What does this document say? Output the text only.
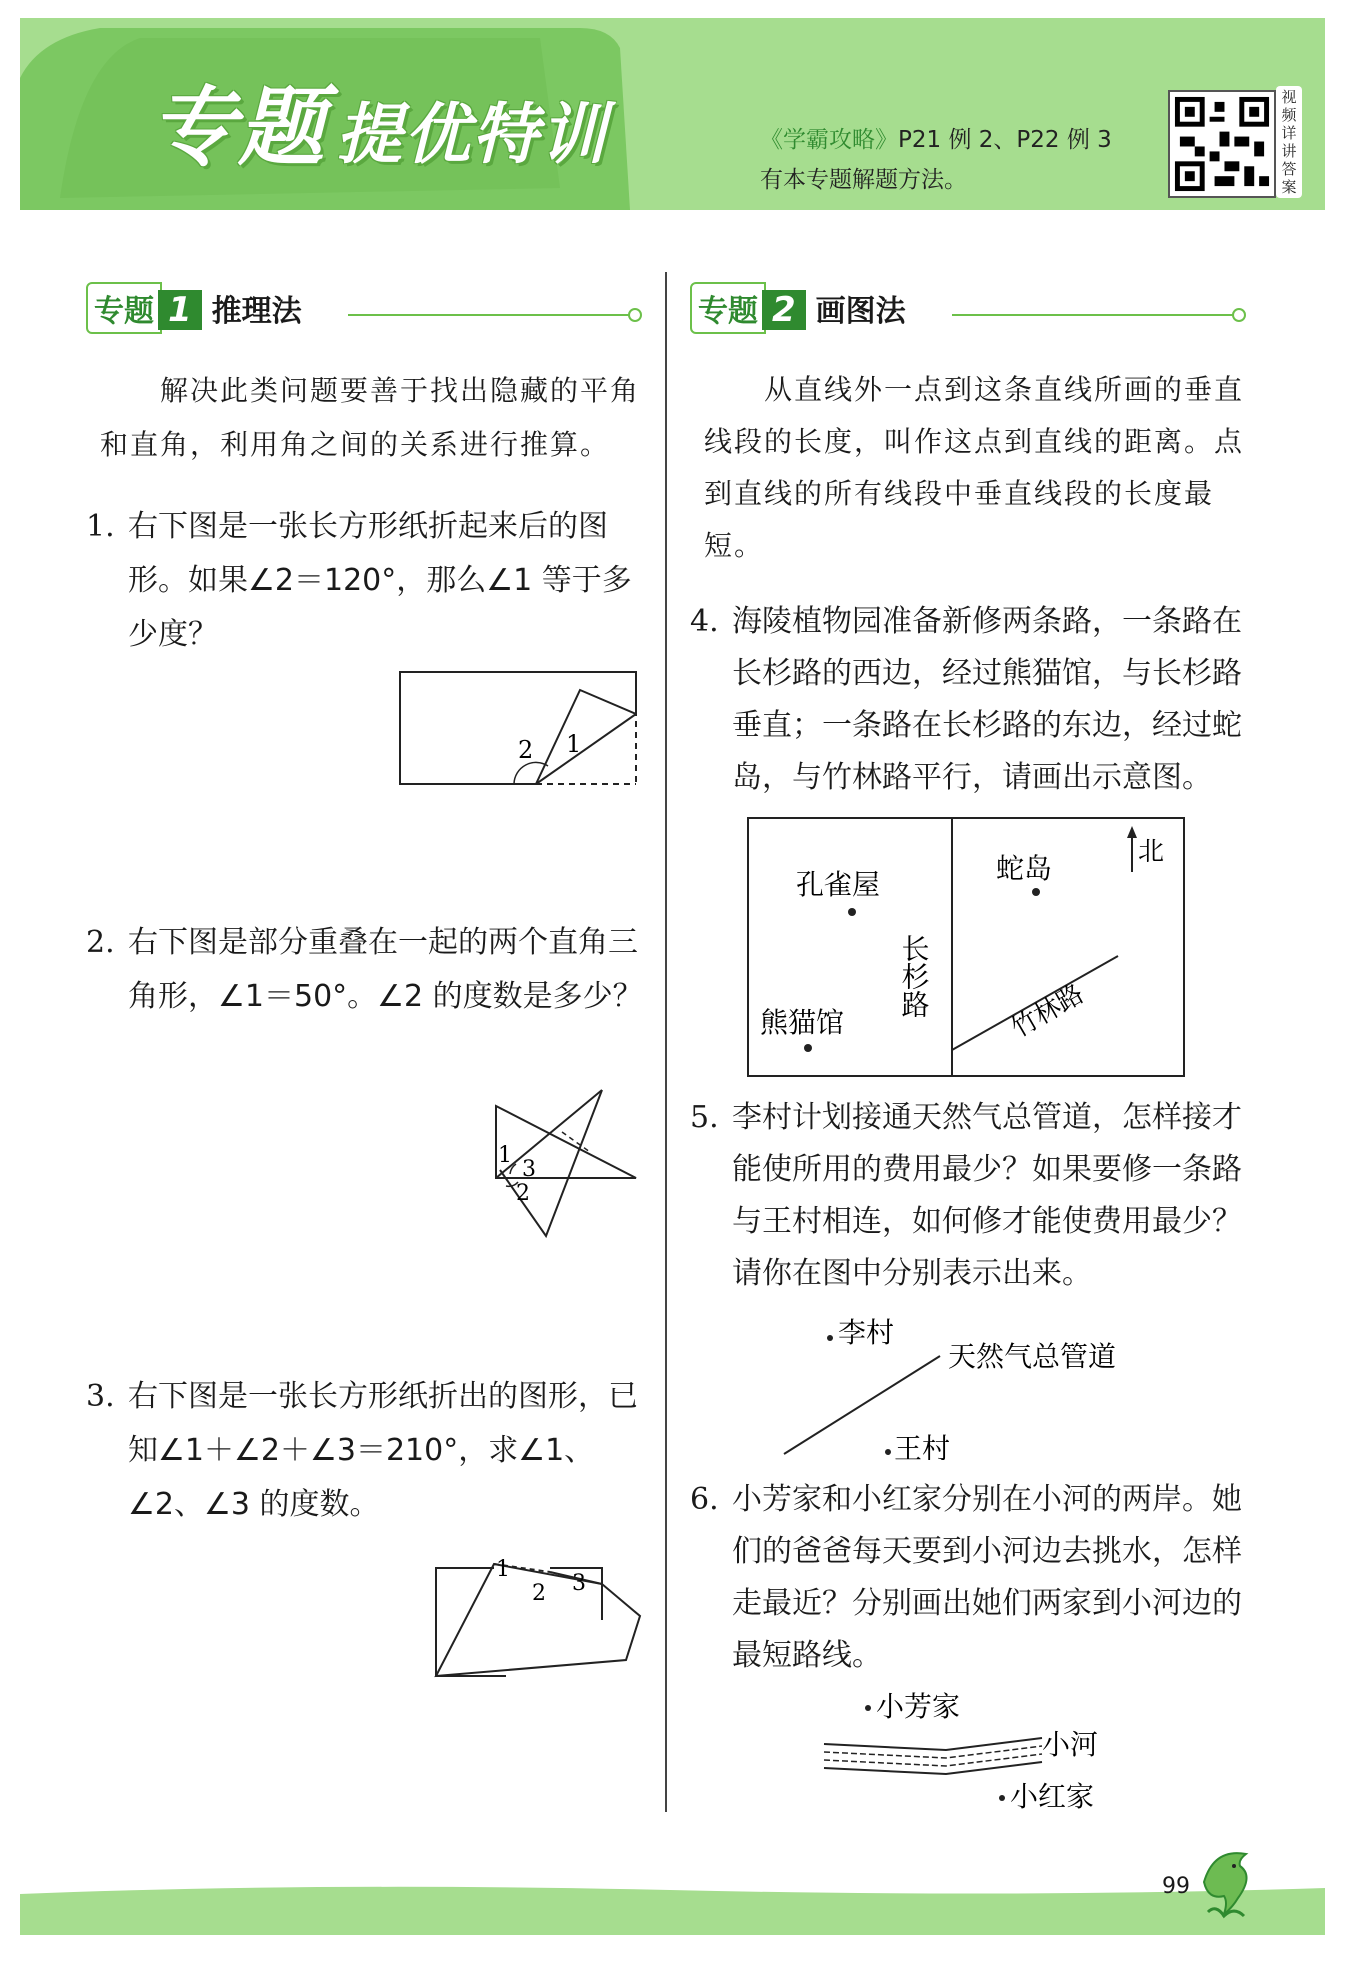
专题 提优特训	《学霸攻略》P21 例 2、P22 例 3
有本专题解题方法。
视频详讲答案
专题 1 推理法
解决此类问题要善于找出隐藏的平角和直角，利用角之间的关系进行推算。
1. 右下图是一张长方形纸折起来后的图形。如果∠2＝120°，那么∠1 等于多少度？
2 1
2. 右下图是部分重叠在一起的两个直角三角形，∠1＝50°。∠2 的度数是多少？
1
3
2
3. 右下图是一张长方形纸折出的图形，已知∠1＋∠2＋∠3＝210°，求∠1、∠2、∠3 的度数。
1
2 3
专题 2 画图法
从直线外一点到这条直线所画的垂直线段的长度，叫作这点到直线的距离。点到直线的所有线段中垂直线段的长度最短。
4. 海陵植物园准备新修两条路，一条路在长杉路的西边，经过熊猫馆，与长杉路垂直；一条路在长杉路的东边，经过蛇岛，与竹林路平行，请画出示意图。
孔雀屋	蛇岛	北
长杉路	竹林路
熊猫馆
5. 李村计划接通天然气总管道，怎样接才能使所用的费用最少？如果要修一条路与王村相连，如何修才能使费用最少？请你在图中分别表示出来。
李村
天然气总管道
王村
6. 小芳家和小红家分别在小河的两岸。她们的爸爸每天要到小河边去挑水，怎样走最近？分别画出她们两家到小河边的最短路线。
小芳家
小河
小红家
99
